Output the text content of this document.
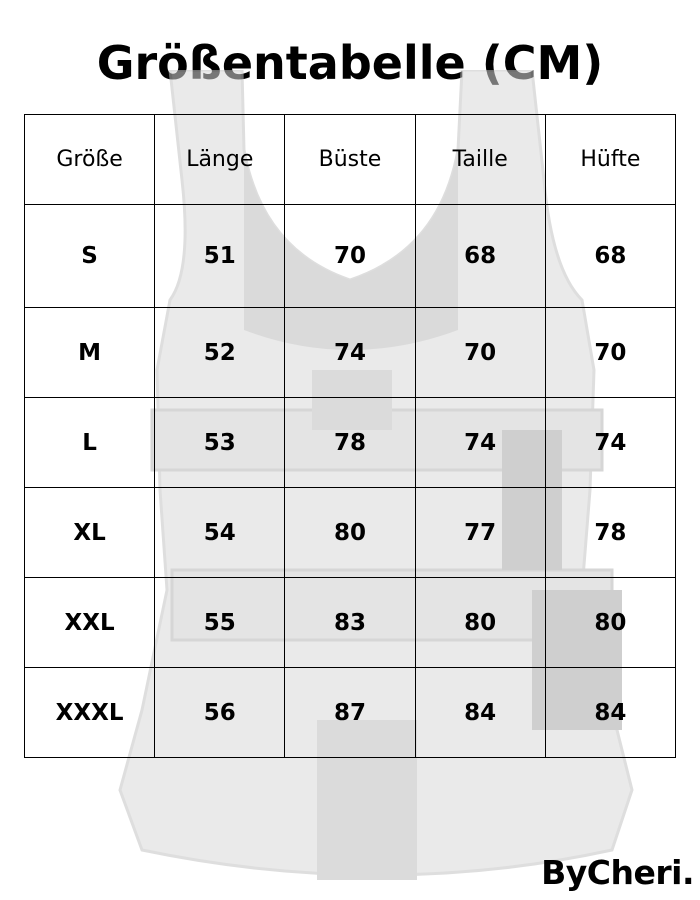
Größentabelle (CM)
Größe	Länge	Büste	Taille	Hüfte
S	51	70	68	68
M	52	74	70	70
L	53	78	74	74
XL	54	80	77	78
XXL	55	83	80	80
XXXL	56	87	84	84
ByCheri.
